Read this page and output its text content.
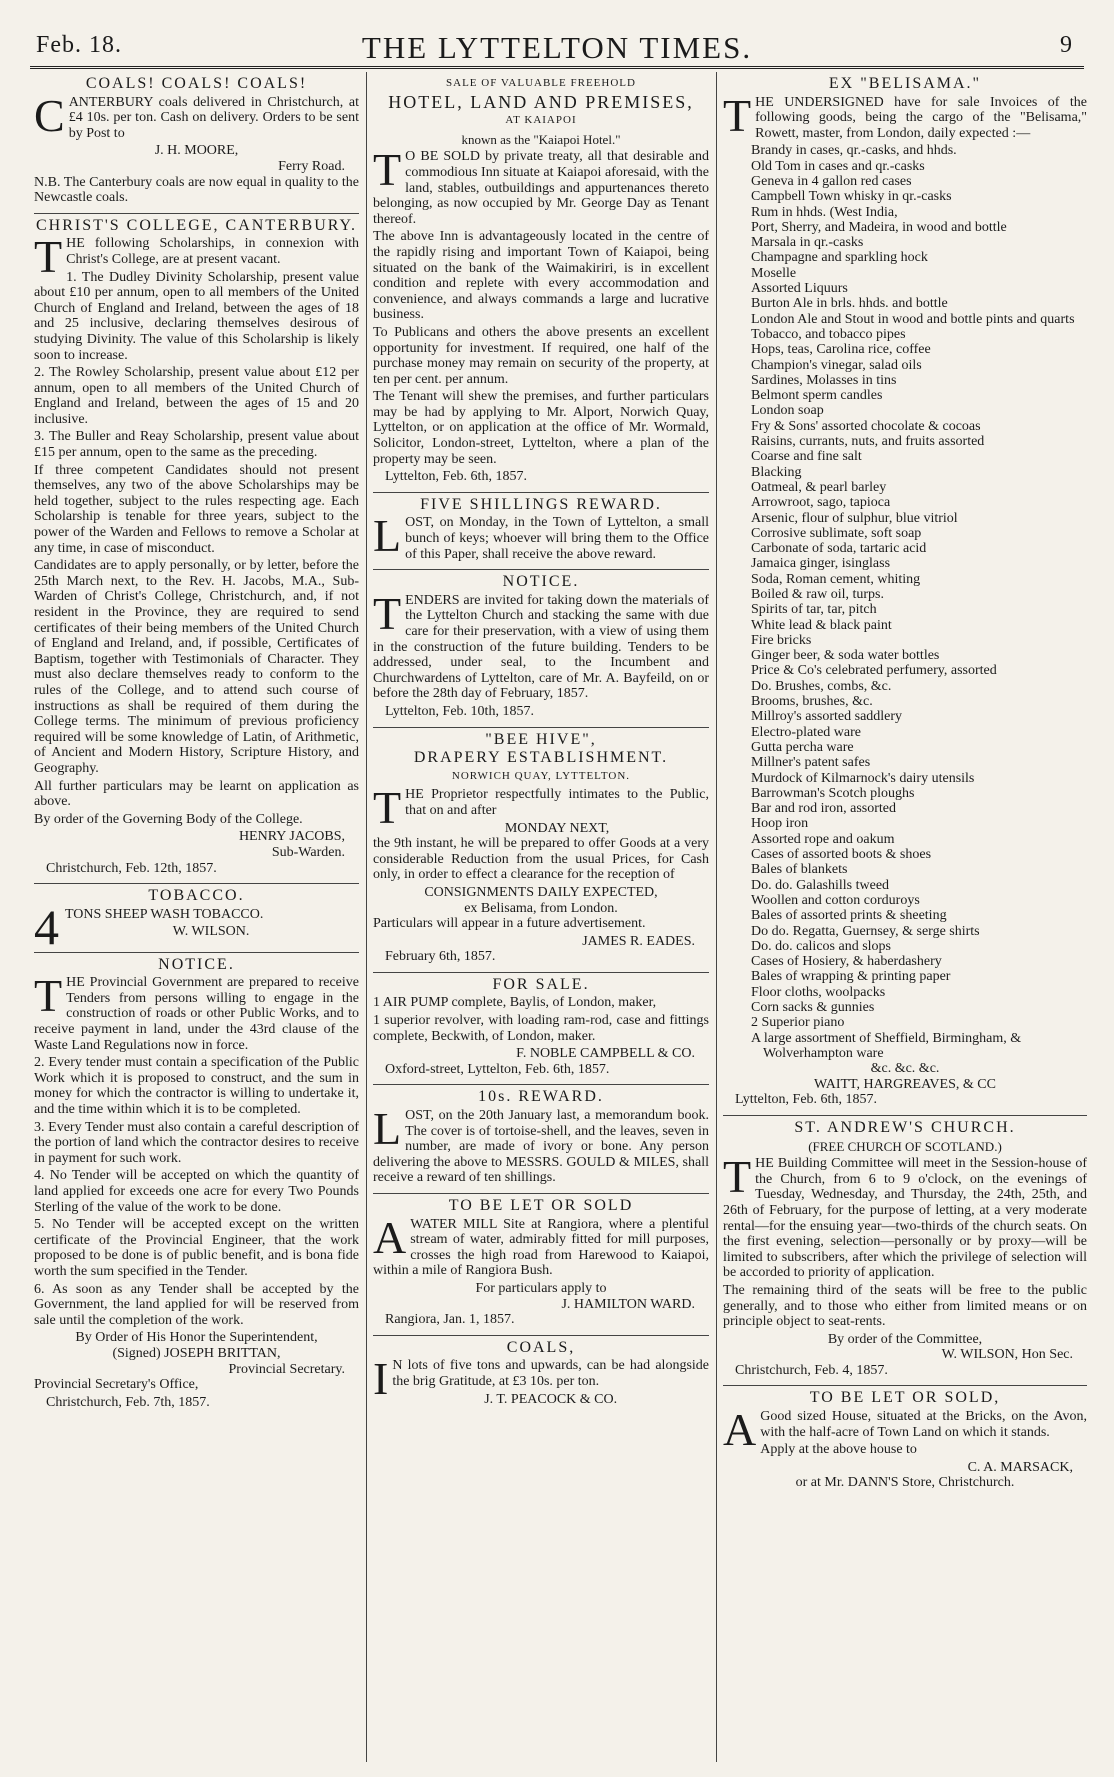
Feb. 18.	THE LYTTELTON TIMES.	9
COALS! COALS! COALS!

CANTERBURY coals delivered in Christchurch, at £4 10s. per ton. Cash on delivery. Orders to be sent by Post to

J. H. MOORE,

Ferry Road.

N.B. The Canterbury coals are now equal in quality to the Newcastle coals.

CHRIST'S COLLEGE, CANTERBURY.

THE following Scholarships, in connexion with Christ's College, are at present vacant.

1. The Dudley Divinity Scholarship, present value about £10 per annum, open to all members of the United Church of England and Ireland, between the ages of 18 and 25 inclusive, declaring themselves desirous of studying Divinity. The value of this Scholarship is likely soon to increase.

2. The Rowley Scholarship, present value about £12 per annum, open to all members of the United Church of England and Ireland, between the ages of 15 and 20 inclusive.

3. The Buller and Reay Scholarship, present value about £15 per annum, open to the same as the preceding.

If three competent Candidates should not present themselves, any two of the above Scholarships may be held together, subject to the rules respecting age. Each Scholarship is tenable for three years, subject to the power of the Warden and Fellows to remove a Scholar at any time, in case of misconduct.

Candidates are to apply personally, or by letter, before the 25th March next, to the Rev. H. Jacobs, M.A., Sub-Warden of Christ's College, Christchurch, and, if not resident in the Province, they are required to send certificates of their being members of the United Church of England and Ireland, and, if possible, Certificates of Baptism, together with Testimonials of Character. They must also declare themselves ready to conform to the rules of the College, and to attend such course of instructions as shall be required of them during the College terms. The minimum of previous proficiency required will be some knowledge of Latin, of Arithmetic, of Ancient and Modern History, Scripture History, and Geography.

All further particulars may be learnt on application as above.

By order of the Governing Body of the College.

HENRY JACOBS,

Sub-Warden.

Christchurch, Feb. 12th, 1857.

TOBACCO.
4 TONS SHEEP WASH TOBACCO.

W. WILSON.

NOTICE.

THE Provincial Government are prepared to receive Tenders from persons willing to engage in the construction of roads or other Public Works, and to receive payment in land, under the 43rd clause of the Waste Land Regulations now in force.

2. Every tender must contain a specification of the Public Work which it is proposed to construct, and the sum in money for which the contractor is willing to undertake it, and the time within which it is to be completed.

3. Every Tender must also contain a careful description of the portion of land which the contractor desires to receive in payment for such work.

4. No Tender will be accepted on which the quantity of land applied for exceeds one acre for every Two Pounds Sterling of the value of the work to be done.

5. No Tender will be accepted except on the written certificate of the Provincial Engineer, that the work proposed to be done is of public benefit, and is bona fide worth the sum specified in the Tender.

6. As soon as any Tender shall be accepted by the Government, the land applied for will be reserved from sale until the completion of the work.

By Order of His Honor the Superintendent,

(Signed) JOSEPH BRITTAN,

Provincial Secretary.

Provincial Secretary's Office,

Christchurch, Feb. 7th, 1857.

SALE OF VALUABLE FREEHOLD
HOTEL, LAND AND PREMISES,
AT KAIAPOI
known as the "Kaiapoi Hotel."

TO BE SOLD by private treaty, all that desirable and commodious Inn situate at Kaiapoi aforesaid, with the land, stables, outbuildings and appurtenances thereto belonging, as now occupied by Mr. George Day as Tenant thereof.

The above Inn is advantageously located in the centre of the rapidly rising and important Town of Kaiapoi, being situated on the bank of the Waimakiriri, is in excellent condition and replete with every accommodation and convenience, and always commands a large and lucrative business.

To Publicans and others the above presents an excellent opportunity for investment. If required, one half of the purchase money may remain on security of the property, at ten per cent. per annum.

The Tenant will shew the premises, and further particulars may be had by applying to Mr. Alport, Norwich Quay, Lyttelton, or on application at the office of Mr. Wormald, Solicitor, London-street, Lyttelton, where a plan of the property may be seen.

Lyttelton, Feb. 6th, 1857.

FIVE SHILLINGS REWARD.

LOST, on Monday, in the Town of Lyttelton, a small bunch of keys; whoever will bring them to the Office of this Paper, shall receive the above reward.

NOTICE.

TENDERS are invited for taking down the materials of the Lyttelton Church and stacking the same with due care for their preservation, with a view of using them in the construction of the future building. Tenders to be addressed, under seal, to the Incumbent and Churchwardens of Lyttelton, care of Mr. A. Bayfeild, on or before the 28th day of February, 1857.

Lyttelton, Feb. 10th, 1857.

"BEE HIVE",
DRAPERY ESTABLISHMENT.
NORWICH QUAY, LYTTELTON.

THE Proprietor respectfully intimates to the Public, that on and after

MONDAY NEXT,

the 9th instant, he will be prepared to offer Goods at a very considerable Reduction from the usual Prices, for Cash only, in order to effect a clearance for the reception of

CONSIGNMENTS DAILY EXPECTED,

ex Belisama, from London.

Particulars will appear in a future advertisement.

JAMES R. EADES.

February 6th, 1857.

FOR SALE.

1 AIR PUMP complete, Baylis, of London, maker,

1 superior revolver, with loading ram-rod, case and fittings complete, Beckwith, of London, maker.

F. NOBLE CAMPBELL & CO.

Oxford-street, Lyttelton, Feb. 6th, 1857.

10s. REWARD.

LOST, on the 20th January last, a memorandum book. The cover is of tortoise-shell, and the leaves, seven in number, are made of ivory or bone. Any person delivering the above to MESSRS. GOULD & MILES, shall receive a reward of ten shillings.

TO BE LET OR SOLD

AWATER MILL Site at Rangiora, where a plentiful stream of water, admirably fitted for mill purposes, crosses the high road from Harewood to Kaiapoi, within a mile of Rangiora Bush.

For particulars apply to

J. HAMILTON WARD.

Rangiora, Jan. 1, 1857.

COALS,

IN lots of five tons and upwards, can be had alongside the brig Gratitude, at £3 10s. per ton.

J. T. PEACOCK & CO.

EX "BELISAMA."

THE UNDERSIGNED have for sale Invoices of the following goods, being the cargo of the "Belisama," Rowett, master, from London, daily expected :—

Brandy in cases, qr.-casks, and hhds.
Old Tom in cases and qr.-casks
Geneva in 4 gallon red cases
Campbell Town whisky in qr.-casks
Rum in hhds. (West India,
Port, Sherry, and Madeira, in wood and bottle
Marsala in qr.-casks
Champagne and sparkling hock
Moselle
Assorted Liquurs
Burton Ale in brls. hhds. and bottle
London Ale and Stout in wood and bottle pints and quarts
Tobacco, and tobacco pipes
Hops, teas, Carolina rice, coffee
Champion's vinegar, salad oils
Sardines, Molasses in tins
Belmont sperm candles
London soap
Fry & Sons' assorted chocolate & cocoas
Raisins, currants, nuts, and fruits assorted
Coarse and fine salt
Blacking
Oatmeal, & pearl barley
Arrowroot, sago, tapioca
Arsenic, flour of sulphur, blue vitriol
Corrosive sublimate, soft soap
Carbonate of soda, tartaric acid
Jamaica ginger, isinglass
Soda, Roman cement, whiting
Boiled & raw oil, turps.
Spirits of tar, tar, pitch
White lead & black paint
Fire bricks
Ginger beer, & soda water bottles
Price & Co's celebrated perfumery, assorted
Do. Brushes, combs, &c.
Brooms, brushes, &c.
Millroy's assorted saddlery
Electro-plated ware
Gutta percha ware
Millner's patent safes
Murdock of Kilmarnock's dairy utensils
Barrowman's Scotch ploughs
Bar and rod iron, assorted
Hoop iron
Assorted rope and oakum
Cases of assorted boots & shoes
Bales of blankets
Do. do. Galashills tweed
Woollen and cotton corduroys
Bales of assorted prints & sheeting
Do do. Regatta, Guernsey, & serge shirts
Do. do. calicos and slops
Cases of Hosiery, & haberdashery
Bales of wrapping & printing paper
Floor cloths, woolpacks
Corn sacks & gunnies
2 Superior piano
A large assortment of Sheffield, Birmingham, & Wolverhampton ware

&c. &c. &c.

WAITT, HARGREAVES, & CC

Lyttelton, Feb. 6th, 1857.

ST. ANDREW'S CHURCH.
(FREE CHURCH OF SCOTLAND.)

THE Building Committee will meet in the Session-house of the Church, from 6 to 9 o'clock, on the evenings of Tuesday, Wednesday, and Thursday, the 24th, 25th, and 26th of February, for the purpose of letting, at a very moderate rental—for the ensuing year—two-thirds of the church seats. On the first evening, selection—personally or by proxy—will be limited to subscribers, after which the privilege of selection will be accorded to priority of application.

The remaining third of the seats will be free to the public generally, and to those who either from limited means or on principle object to seat-rents.

By order of the Committee,

W. WILSON, Hon Sec.

Christchurch, Feb. 4, 1857.

TO BE LET OR SOLD,

AGood sized House, situated at the Bricks, on the Avon, with the half-acre of Town Land on which it stands.

Apply at the above house to

C. A. MARSACK,

or at Mr. DANN'S Store, Christchurch.
